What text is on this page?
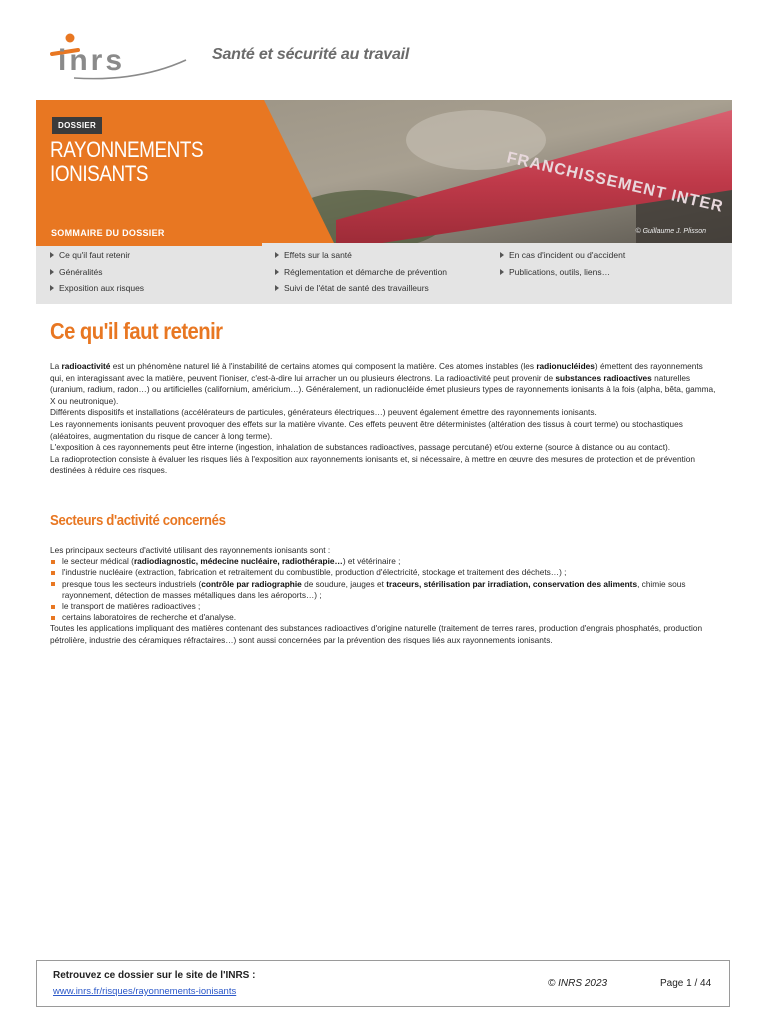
inrs	Santé et sécurité au travail
FRANCHISSEMENT INTER
DOSSIER
RAYONNEMENTS
IONISANTS
SOMMAIRE DU DOSSIER	© Guillaume J. Plisson
Ce qu'il faut retenir
Généralités
Exposition aux risques
Effets sur la santé
Réglementation et démarche de prévention
Suivi de l'état de santé des travailleurs
En cas d'incident ou d'accident
Publications, outils, liens…
Ce qu'il faut retenir

La radioactivité est un phénomène naturel lié à l'instabilité de certains atomes qui composent la matière. Ces atomes instables (les radionucléides) émettent des rayonnements qui, en interagissant avec la matière, peuvent l'ioniser, c'est-à-dire lui arracher un ou plusieurs électrons. La radioactivité peut provenir de substances radioactives naturelles (uranium, radium, radon…) ou artificielles (californium, américium…). Généralement, un radionucléide émet plusieurs types de rayonnements ionisants à la fois (alpha, bêta, gamma, X ou neutronique).

Différents dispositifs et installations (accélérateurs de particules, générateurs électriques…) peuvent également émettre des rayonnements ionisants.

Les rayonnements ionisants peuvent provoquer des effets sur la matière vivante. Ces effets peuvent être déterministes (altération des tissus à court terme) ou stochastiques (aléatoires, augmentation du risque de cancer à long terme).

L'exposition à ces rayonnements peut être interne (ingestion, inhalation de substances radioactives, passage percutané) et/ou externe (source à distance ou au contact).

La radioprotection consiste à évaluer les risques liés à l'exposition aux rayonnements ionisants et, si nécessaire, à mettre en œuvre des mesures de protection et de prévention destinées à réduire ces risques.

Secteurs d'activité concernés

Les principaux secteurs d'activité utilisant des rayonnements ionisants sont :

le secteur médical (radiodiagnostic, médecine nucléaire, radiothérapie…) et vétérinaire ;
l'industrie nucléaire (extraction, fabrication et retraitement du combustible, production d'électricité, stockage et traitement des déchets…) ;
presque tous les secteurs industriels (contrôle par radiographie de soudure, jauges et traceurs, stérilisation par irradiation, conservation des aliments, chimie sous rayonnement, détection de masses métalliques dans les aéroports…) ;
le transport de matières radioactives ;
certains laboratoires de recherche et d'analyse.

Toutes les applications impliquant des matières contenant des substances radioactives d'origine naturelle (traitement de terres rares, production d'engrais phosphatés, production pétrolière, industrie des céramiques réfractaires…) sont aussi concernées par la prévention des risques liés aux rayonnements ionisants.

Retrouvez ce dossier sur le site de l'INRS :
www.inrs.fr/risques/rayonnements-ionisants
© INRS 2023	Page 1 / 44
